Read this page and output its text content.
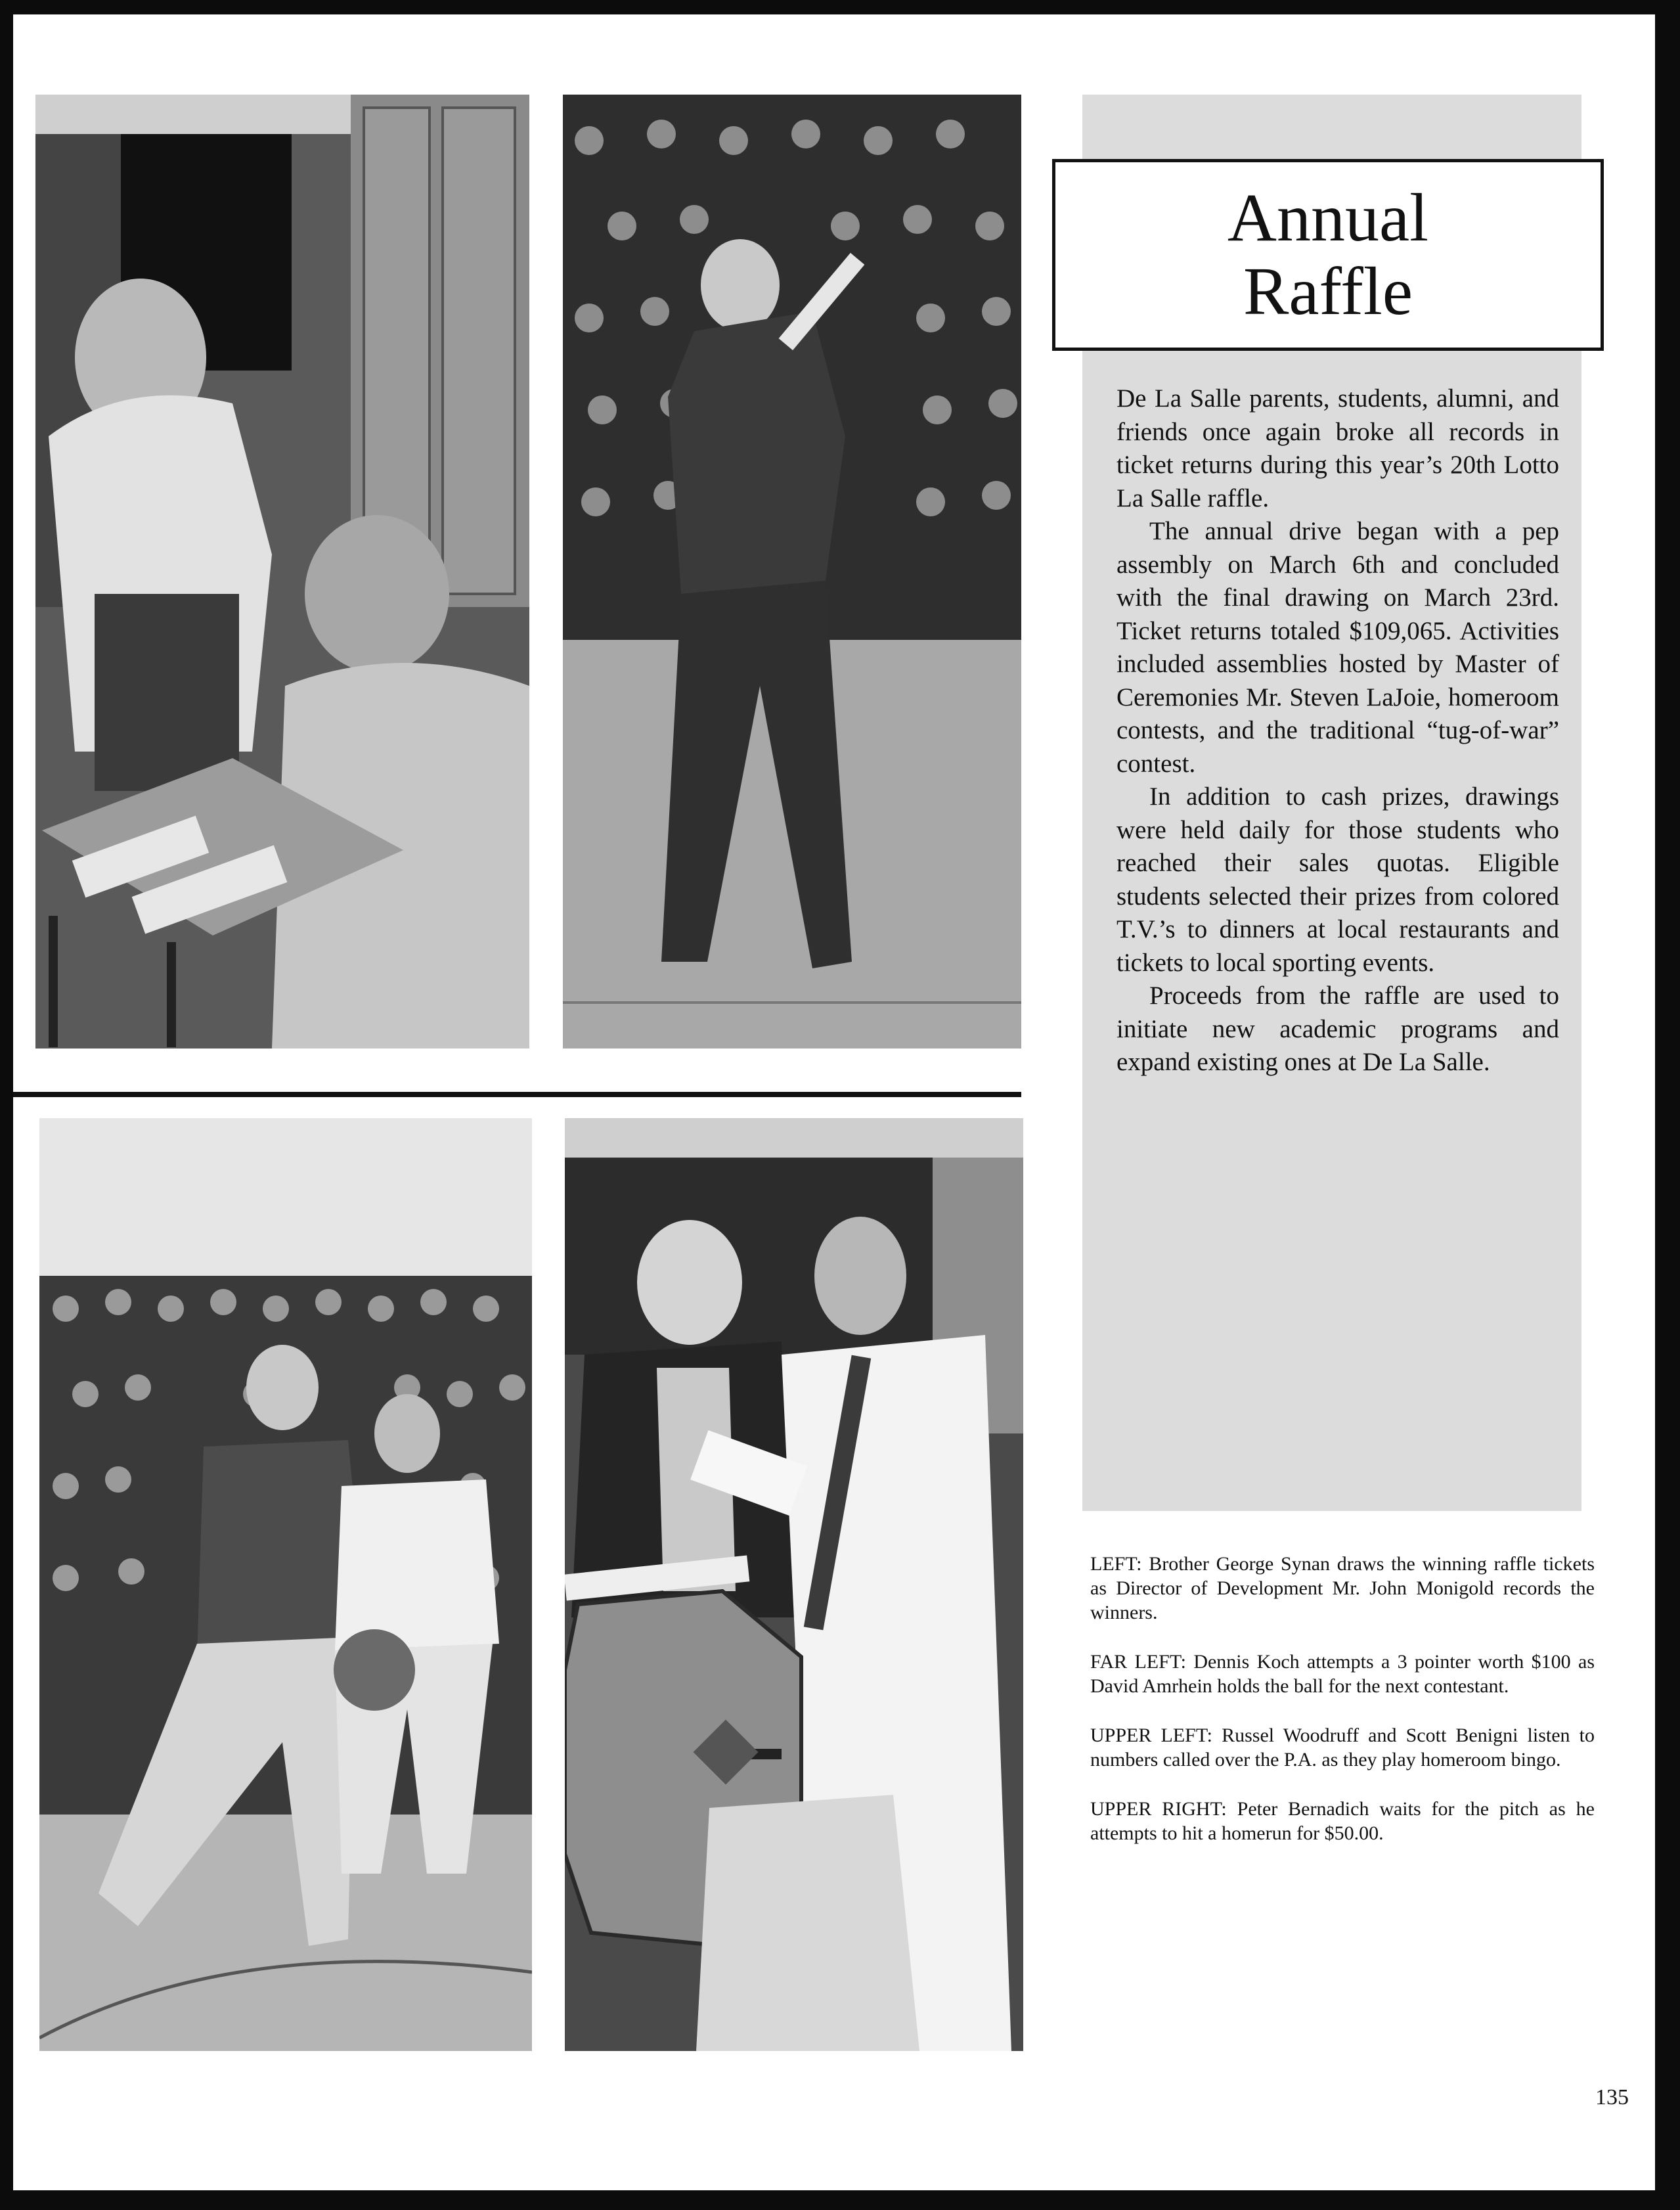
Annual
Raffle

De La Salle parents, students, alumni, and friends once again broke all records in ticket returns during this year’s 20th Lotto La Salle raffle.

The annual drive began with a pep assembly on March 6th and concluded with the final drawing on March 23rd. Ticket returns totaled $109,065. Activities included assemblies hosted by Master of Ceremonies Mr. Steven LaJoie, homeroom contests, and the traditional “tug-of-war” contest.

In addition to cash prizes, drawings were held daily for those students who reached their sales quotas. Eligible students selected their prizes from colored T.V.’s to dinners at local restaurants and tickets to local sporting events.

Proceeds from the raffle are used to initiate new academic programs and expand existing ones at De La Salle.

LEFT: Brother George Synan draws the winning raffle tickets as Director of Development Mr. John Monigold records the winners.

FAR LEFT: Dennis Koch attempts a 3 pointer worth $100 as David Amrhein holds the ball for the next contestant.

UPPER LEFT: Russel Woodruff and Scott Benigni listen to numbers called over the P.A. as they play homeroom bingo.

UPPER RIGHT: Peter Bernadich waits for the pitch as he attempts to hit a homerun for $50.00.

135
